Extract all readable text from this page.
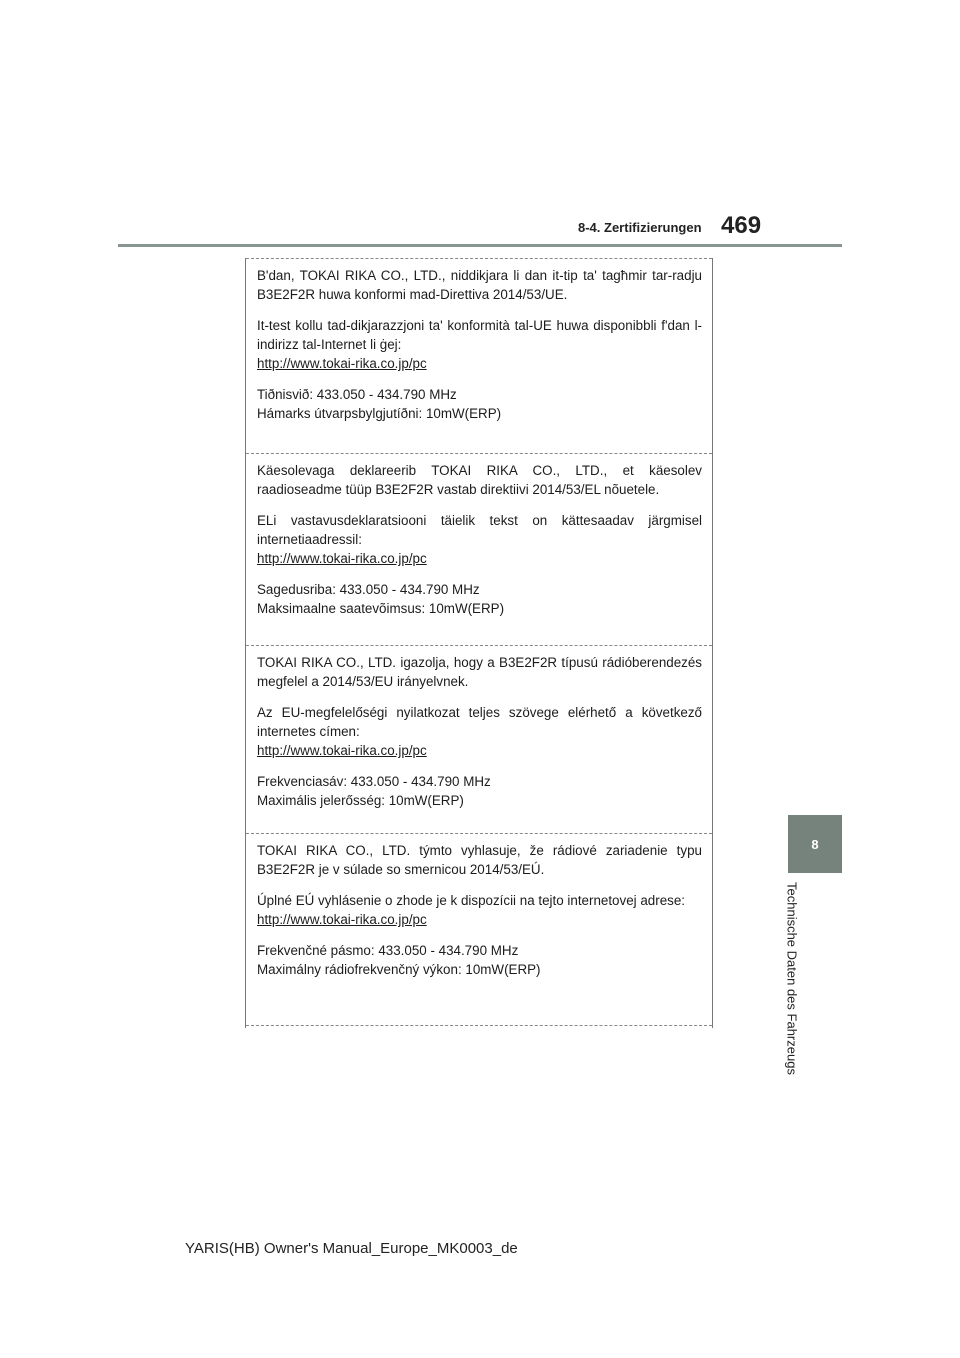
8-4. Zertifizierungen 469
8
Technische Daten des Fahrzeugs

B'dan, TOKAI RIKA CO., LTD., niddikjara li dan it-tip ta' tagħmir tar-radju B3E2F2R huwa konformi mad-Direttiva 2014/53/UE.

It-test kollu tad-dikjarazzjoni ta' konformità tal-UE huwa disponibbli f'dan l-indirizz tal-Internet li ġej:

http://www.tokai-rika.co.jp/pc

Tiðnisvið: 433.050 - 434.790 MHz
Hámarks útvarpsbylgjutíðni: 10mW(ERP)

Käesolevaga deklareerib TOKAI RIKA CO., LTD., et käesolev raadioseadme tüüp B3E2F2R vastab direktiivi 2014/53/EL nõuetele.

ELi vastavusdeklaratsiooni täielik tekst on kättesaadav järgmisel internetiaadressil:

http://www.tokai-rika.co.jp/pc

Sagedusriba: 433.050 - 434.790 MHz
Maksimaalne saatevõimsus: 10mW(ERP)

TOKAI RIKA CO., LTD. igazolja, hogy a B3E2F2R típusú rádióberendezés megfelel a 2014/53/EU irányelvnek.

Az EU-megfelelőségi nyilatkozat teljes szövege elérhető a következő internetes címen:

http://www.tokai-rika.co.jp/pc

Frekvenciasáv: 433.050 - 434.790 MHz
Maximális jelerősség: 10mW(ERP)

TOKAI RIKA CO., LTD. týmto vyhlasuje, že rádiové zariadenie typu B3E2F2R je v súlade so smernicou 2014/53/EÚ.

Úplné EÚ vyhlásenie o zhode je k dispozícii na tejto internetovej adrese:

http://www.tokai-rika.co.jp/pc

Frekvenčné pásmo: 433.050 - 434.790 MHz
Maximálny rádiofrekvenčný výkon: 10mW(ERP)

YARIS(HB) Owner's Manual_Europe_MK0003_de
